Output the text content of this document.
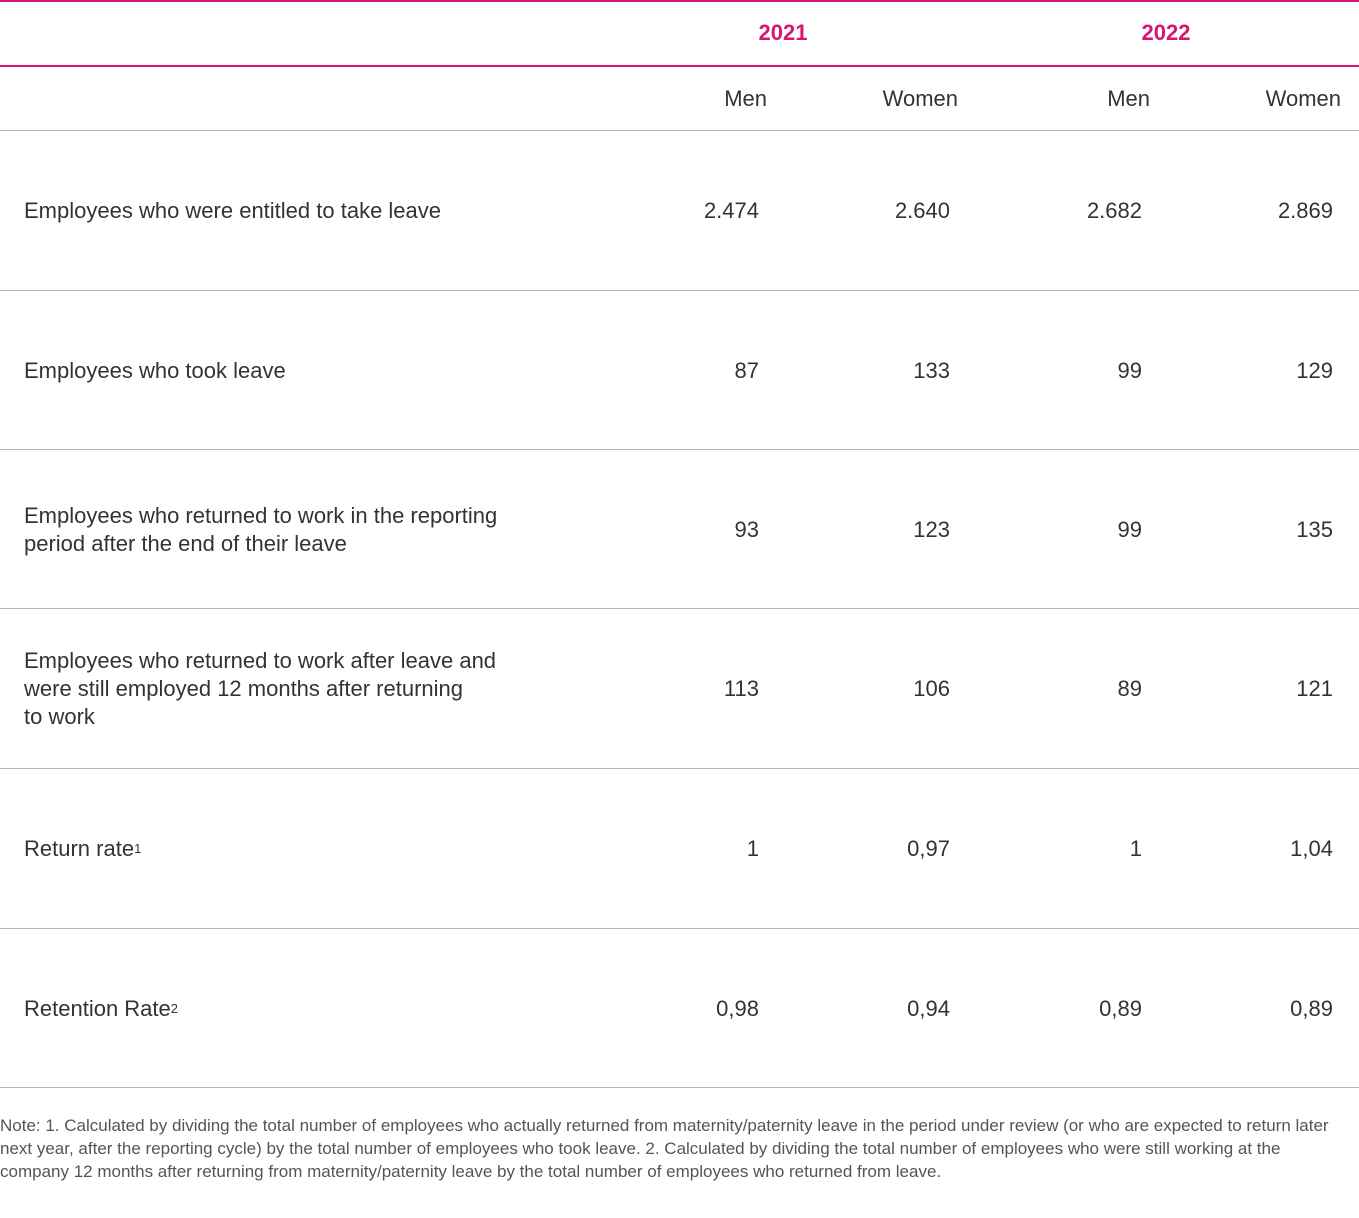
2021	2022
Men	Women	Men	Women
Employees who were entitled to take leave	2.474	2.640	2.682	2.869
Employees who took leave	87	133	99	129
Employees who returned to work in the reporting
period after the end of their leave
93	123	99	135
Employees who returned to work after leave and
were still employed 12 months after returning
to work
113	106	89	121
Return rate 1	1	0,97	1	1,04
Retention Rate 2	0,98	0,94	0,89	0,89
Note: 1. Calculated by dividing the total number of employees who actually returned from maternity/paternity leave in the period under review (or who are expected to return later next year, after the reporting cycle) by the total number of employees who took leave. 2. Calculated by dividing the total number of employees who were still working at the company 12 months after returning from maternity/paternity leave by the total number of employees who returned from leave.
